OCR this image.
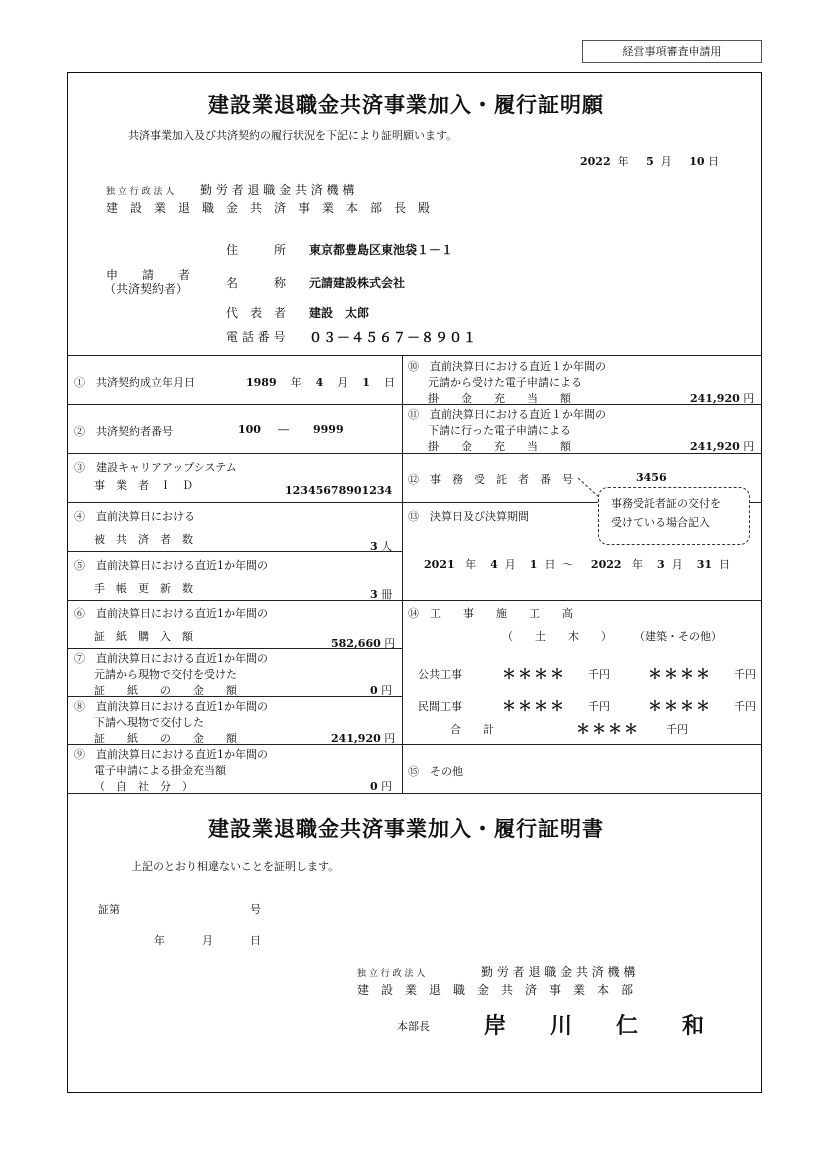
経営事項審査申請用
建設業退職金共済事業加入・履行証明願
共済事業加入及び共済契約の履行状況を下記により証明願います。
2022 年 5 月 10 日
独 立 行 政 法 人 勤 労 者 退 職 金 共 済 機 構
建　設　業　退　職　金　共　済　事　業　本　部　長　殿
申　　請　　者
（共済契約者）
住　　　所 東京都豊島区東池袋１－１
名　　　称 元請建設株式会社
代　表　者 建設　太郎
電 話 番 号 ０３－４５６７－８９０１
①　共済契約成立年月日	1989 年 4 月 1 日
②　共済契約者番号	100 ― 9999
③　建設キャリアアップシステム
事　業　者　Ｉ　Ｄ	12345678901234
④　直前決算日における
被　共　済　者　数
3 人
⑤　直前決算日における直近1か年間の
手　帳　更　新　数	3 冊
⑥　直前決算日における直近1か年間の
証　紙　購　入　額
582,660 円
⑦　直前決算日における直近1か年間の
元請から現物で交付を受けた
証　　紙　　の　　金　　額	0 円
⑧　直前決算日における直近1か年間の
下請へ現物で交付した
証　　紙　　の　　金　　額	241,920 円
⑨　直前決算日における直近1か年間の
電子申請による掛金充当額
（　自　社　分　）	0 円
⑩　直前決算日における直近１か年間の
元請から受けた電子申請による
掛　　金　　充　　当　　額	241,920 円
⑪　直前決算日における直近１か年間の
下請に行った電子申請による
掛　　金　　充　　当　　額	241,920 円
⑫　事　務　受　託　者　番　号	3456
事務受託者証の交付を
受けている場合記入
⑬　決算日及び決算期間
2021 年 4 月 1 日 ～ 2022 年 3 月 31 日
⑭　工　　事　　施　　工　　高
（　　土　　木　　） （建築・その他）
公共工事	＊＊＊＊ 千円	＊＊＊＊ 千円
民間工事	＊＊＊＊ 千円	＊＊＊＊ 千円
合　　計	＊＊＊＊ 千円
⑮　その他
建設業退職金共済事業加入・履行証明書
上記のとおり相違ないことを証明します。
証第	号
年	月	日
独 立 行 政 法 人	勤 労 者 退 職 金 共 済 機 構
建　設　業　退　職　金　共　済　事　業　本　部
本部長 岸　　川　　仁　　和
